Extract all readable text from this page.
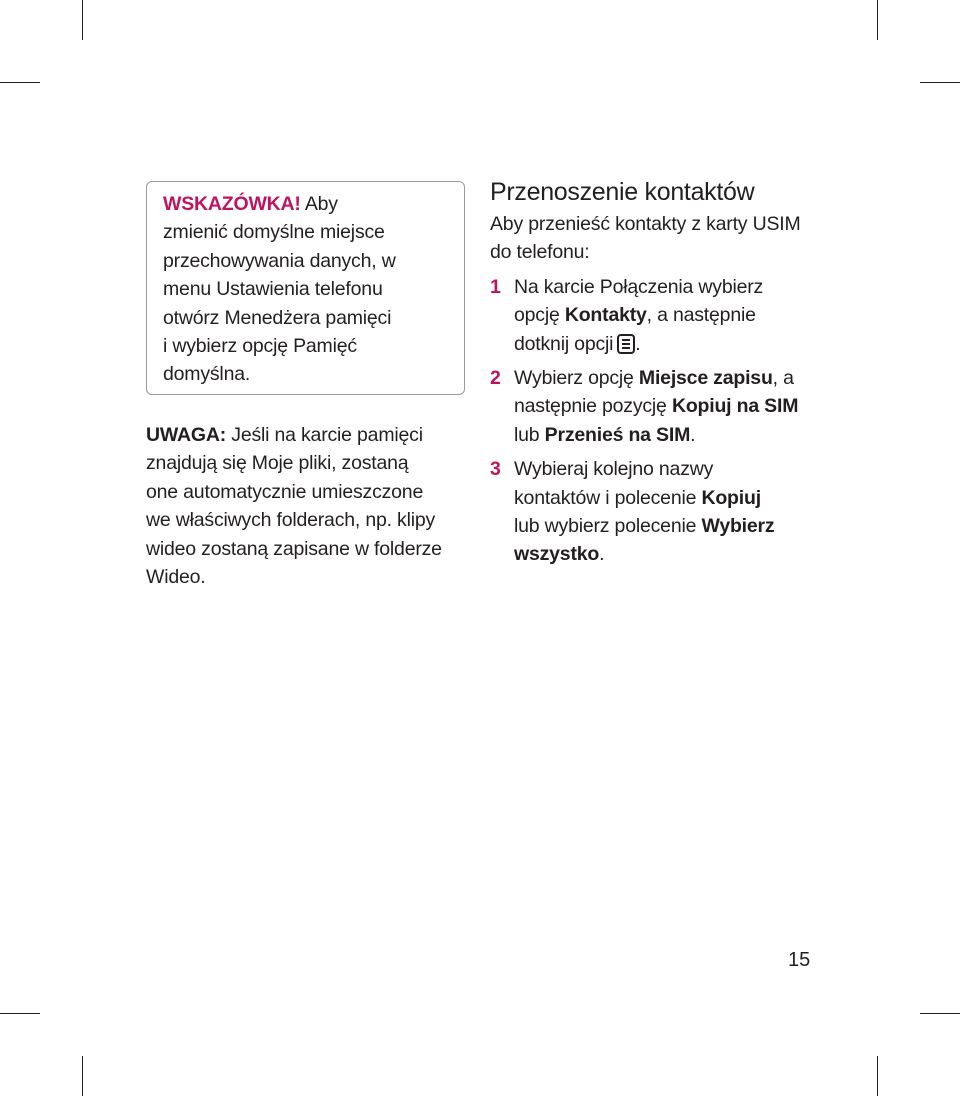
WSKAZÓWKA! Aby
zmienić domyślne miejsce
przechowywania danych, w
menu Ustawienia telefonu
otwórz Menedżera pamięci
i wybierz opcję Pamięć
domyślna.

UWAGA: Jeśli na karcie pamięci
znajdują się Moje pliki, zostaną
one automatycznie umieszczone
we właściwych folderach, np. klipy
wideo zostaną zapisane w folderze
Wideo.

Przenoszenie kontaktów

Aby przenieść kontakty z karty USIM
do telefonu:

1 Na karcie Połączenia wybierz
opcję Kontakty, a następnie
dotknij opcji .

2 Wybierz opcję Miejsce zapisu, a
następnie pozycję Kopiuj na SIM
lub Przenieś na SIM.

3 Wybieraj kolejno nazwy
kontaktów i polecenie Kopiuj
lub wybierz polecenie Wybierz
wszystko.

15
